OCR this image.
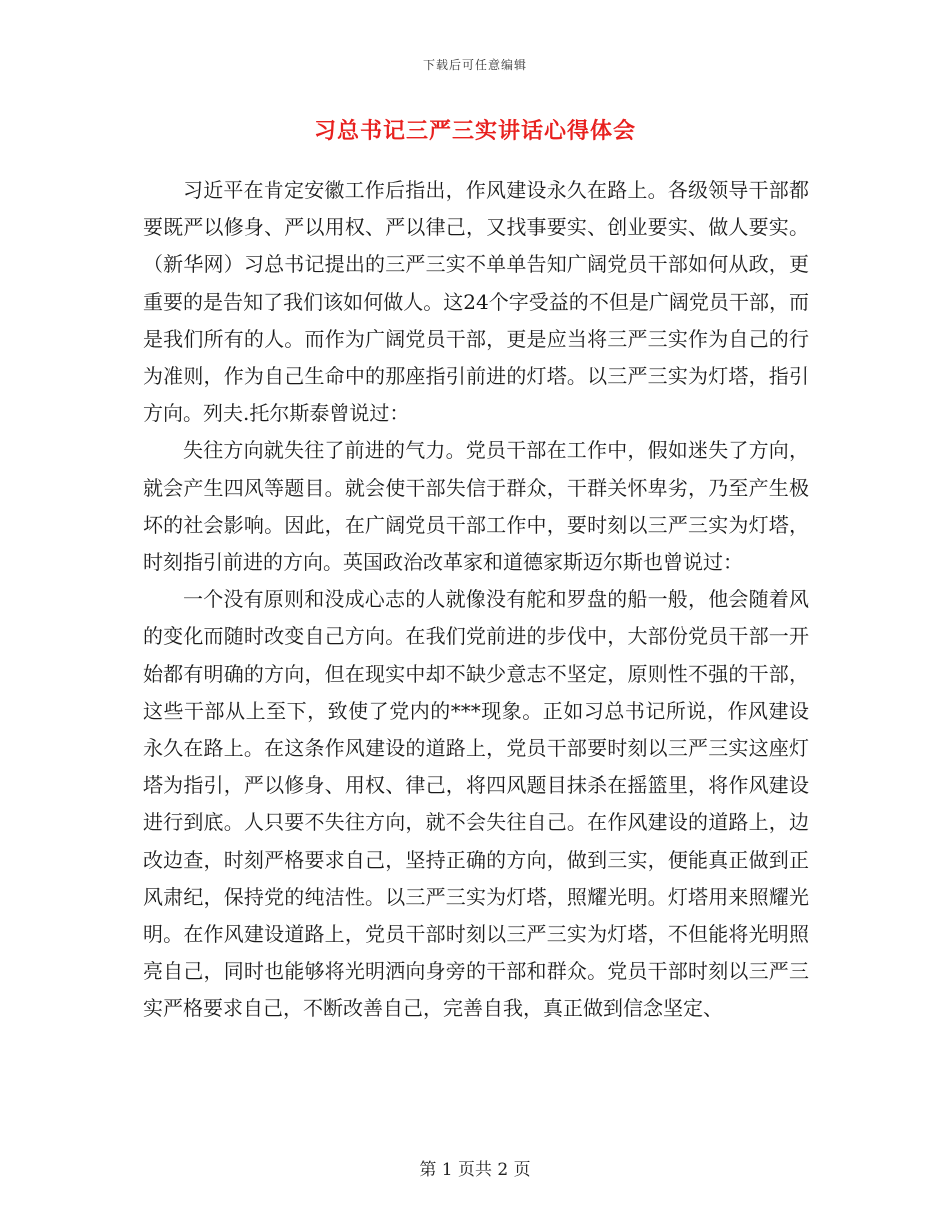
下载后可任意编辑
习总书记三严三实讲话心得体会

习近平在肯定安徽工作后指出，作风建设永久在路上。各级领导干部都要既严以修身、严以用权、严以律己，又找事要实、创业要实、做人要实。（新华网）习总书记提出的三严三实不单单告知广阔党员干部如何从政，更重要的是告知了我们该如何做人。这24个字受益的不但是广阔党员干部，而是我们所有的人。而作为广阔党员干部，更是应当将三严三实作为自己的行为准则，作为自己生命中的那座指引前进的灯塔。以三严三实为灯塔，指引方向。列夫.托尔斯泰曾说过：

失往方向就失往了前进的气力。党员干部在工作中，假如迷失了方向，就会产生四风等题目。就会使干部失信于群众，干群关怀卑劣，乃至产生极坏的社会影响。因此，在广阔党员干部工作中，要时刻以三严三实为灯塔，时刻指引前进的方向。英国政治改革家和道德家斯迈尔斯也曾说过：

一个没有原则和没成心志的人就像没有舵和罗盘的船一般，他会随着风的变化而随时改变自己方向。在我们党前进的步伐中，大部份党员干部一开始都有明确的方向，但在现实中却不缺少意志不坚定，原则性不强的干部，这些干部从上至下，致使了党内的***现象。正如习总书记所说，作风建设永久在路上。在这条作风建设的道路上，党员干部要时刻以三严三实这座灯塔为指引，严以修身、用权、律己，将四风题目抹杀在摇篮里，将作风建设进行到底。人只要不失往方向，就不会失往自己。在作风建设的道路上，边改边查，时刻严格要求自己，坚持正确的方向，做到三实，便能真正做到正风肃纪，保持党的纯洁性。以三严三实为灯塔，照耀光明。灯塔用来照耀光明。在作风建设道路上，党员干部时刻以三严三实为灯塔，不但能将光明照亮自己，同时也能够将光明洒向身旁的干部和群众。党员干部时刻以三严三实严格要求自己，不断改善自己，完善自我，真正做到信念坚定、

第 1 页共 2 页
